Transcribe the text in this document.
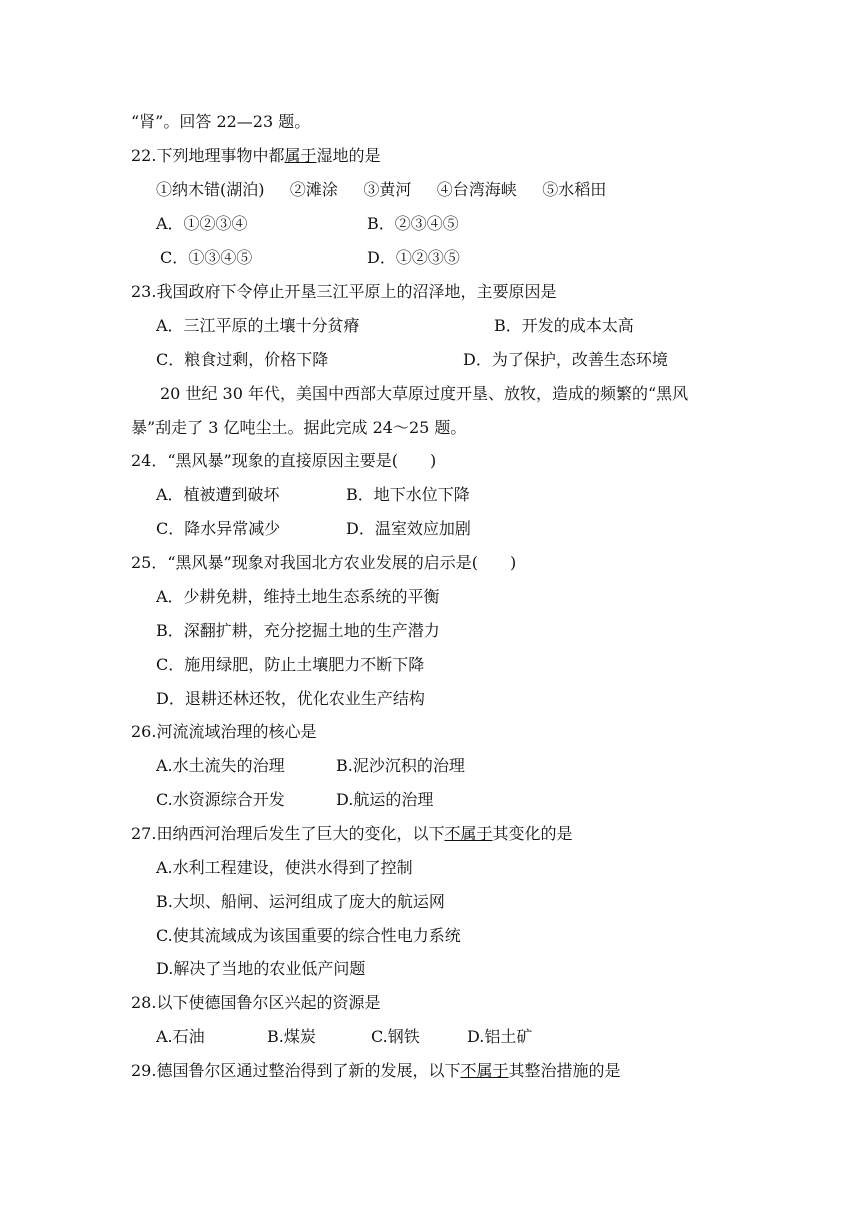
“肾”。回答 22—23 题。
22.下列地理事物中都属于湿地的是
①纳木错(湖泊)     ②滩涂     ③黄河     ④台湾海峡     ⑤水稻田
A．①②③④	B．②③④⑤
C．①③④⑤	D．①②③⑤
23.我国政府下令停止开垦三江平原上的沼泽地，主要原因是
A．三江平原的土壤十分贫瘠	B．开发的成本太高
C．粮食过剩，价格下降	D．为了保护，改善生态环境
20 世纪 30 年代，美国中西部大草原过度开垦、放牧，造成的频繁的“黑风
暴”刮走了 3 亿吨尘土。据此完成 24～25 题。
24．“黑风暴”现象的直接原因主要是(　　)
A．植被遭到破坏	B．地下水位下降
C．降水异常减少	D．温室效应加剧
25．“黑风暴”现象对我国北方农业发展的启示是(　　)
A．少耕免耕，维持土地生态系统的平衡
B．深翻扩耕，充分挖掘土地的生产潜力
C．施用绿肥，防止土壤肥力不断下降
D．退耕还林还牧，优化农业生产结构
26.河流流域治理的核心是
A.水土流失的治理	B.泥沙沉积的治理
C.水资源综合开发	D.航运的治理
27.田纳西河治理后发生了巨大的变化，以下不属于其变化的是
A.水利工程建设，使洪水得到了控制
B.大坝、船闸、运河组成了庞大的航运网
C.使其流域成为该国重要的综合性电力系统
D.解决了当地的农业低产问题
28.以下使德国鲁尔区兴起的资源是
A.石油	B.煤炭	C.钢铁	D.铝土矿
29.德国鲁尔区通过整治得到了新的发展，以下不属于其整治措施的是
